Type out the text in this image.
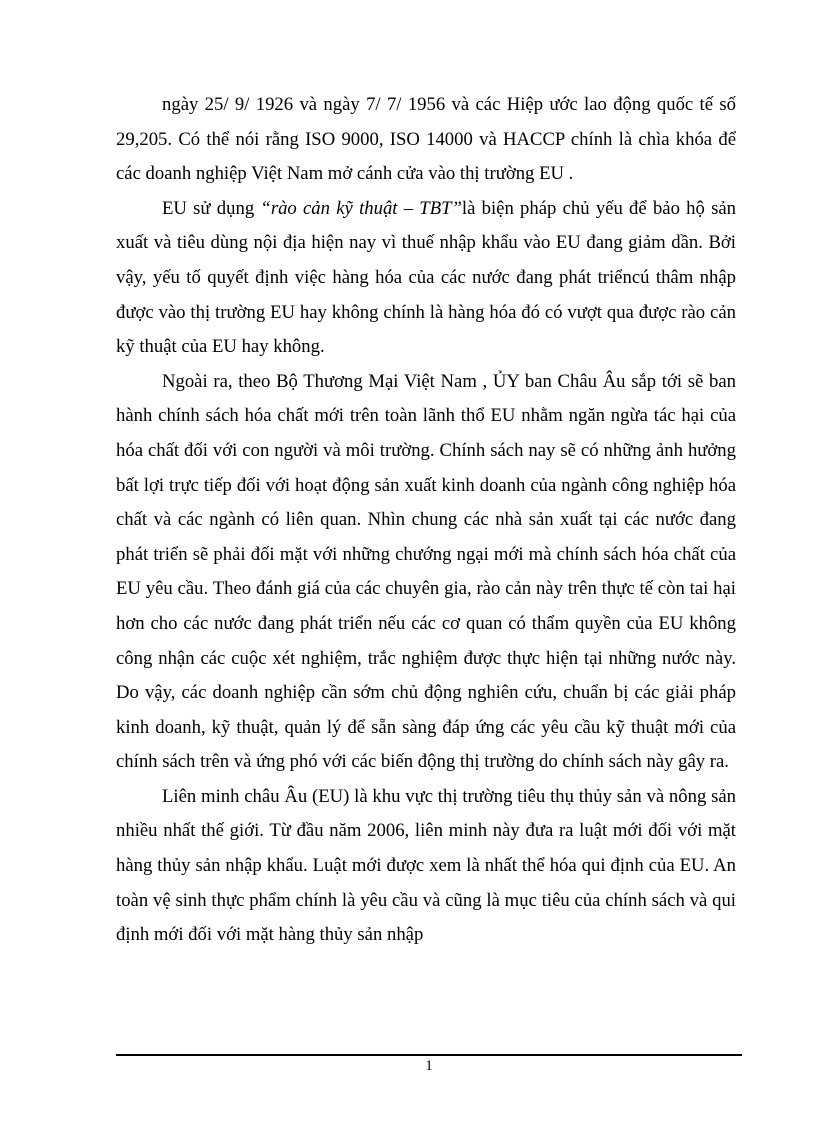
ngày 25/ 9/ 1926 và ngày 7/ 7/ 1956 và các Hiệp ước lao động quốc tế số 29,205. Có thể nói rằng ISO 9000, ISO 14000 và HACCP chính là chìa khóa để các doanh nghiệp Việt Nam mở cánh cửa vào thị trường EU .

EU sử dụng “rào cản kỹ thuật – TBT”là biện pháp chủ yếu để bảo hộ sản xuất và tiêu dùng nội địa hiện nay vì thuế nhập khẩu vào EU đang giảm dần. Bởi vậy, yếu tố quyết định việc hàng hóa của các nước đang phát triểncú thâm nhập được vào thị trường EU hay không chính là hàng hóa đó có vượt qua được rào cản kỹ thuật của EU hay không.

Ngoài ra, theo Bộ Thương Mại Việt Nam , ỦY ban Châu Âu sắp tới sẽ ban hành chính sách hóa chất mới trên toàn lãnh thổ EU nhằm ngăn ngừa tác hại của hóa chất đối với con người và môi trường. Chính sách nay sẽ có những ảnh hưởng bất lợi trực tiếp đối với hoạt động sản xuất kinh doanh của ngành công nghiệp hóa chất và các ngành có liên quan. Nhìn chung các nhà sản xuất tại các nước đang phát triển sẽ phải đối mặt với những chướng ngại mới mà chính sách hóa chất của EU yêu cầu. Theo đánh giá của các chuyên gia, rào cản này trên thực tế còn tai hại hơn cho các nước đang phát triển nếu các cơ quan có thẩm quyền của EU không công nhận các cuộc xét nghiệm, trắc nghiệm được thực hiện tại những nước này. Do vậy, các doanh nghiệp cần sớm chủ động nghiên cứu, chuẩn bị các giải pháp kinh doanh, kỹ thuật, quản lý để sẵn sàng đáp ứng các yêu cầu kỹ thuật mới của chính sách trên và ứng phó với các biến động thị trường do chính sách này gây ra.

Liên minh châu Âu (EU) là khu vực thị trường tiêu thụ thủy sản và nông sản nhiều nhất thế giới. Từ đầu năm 2006, liên minh này đưa ra luật mới đối với mặt hàng thủy sản nhập khẩu. Luật mới được xem là nhất thể hóa qui định của EU. An toàn vệ sinh thực phẩm chính là yêu cầu và cũng là mục tiêu của chính sách và qui định mới đối với mặt hàng thủy sản nhập

1
